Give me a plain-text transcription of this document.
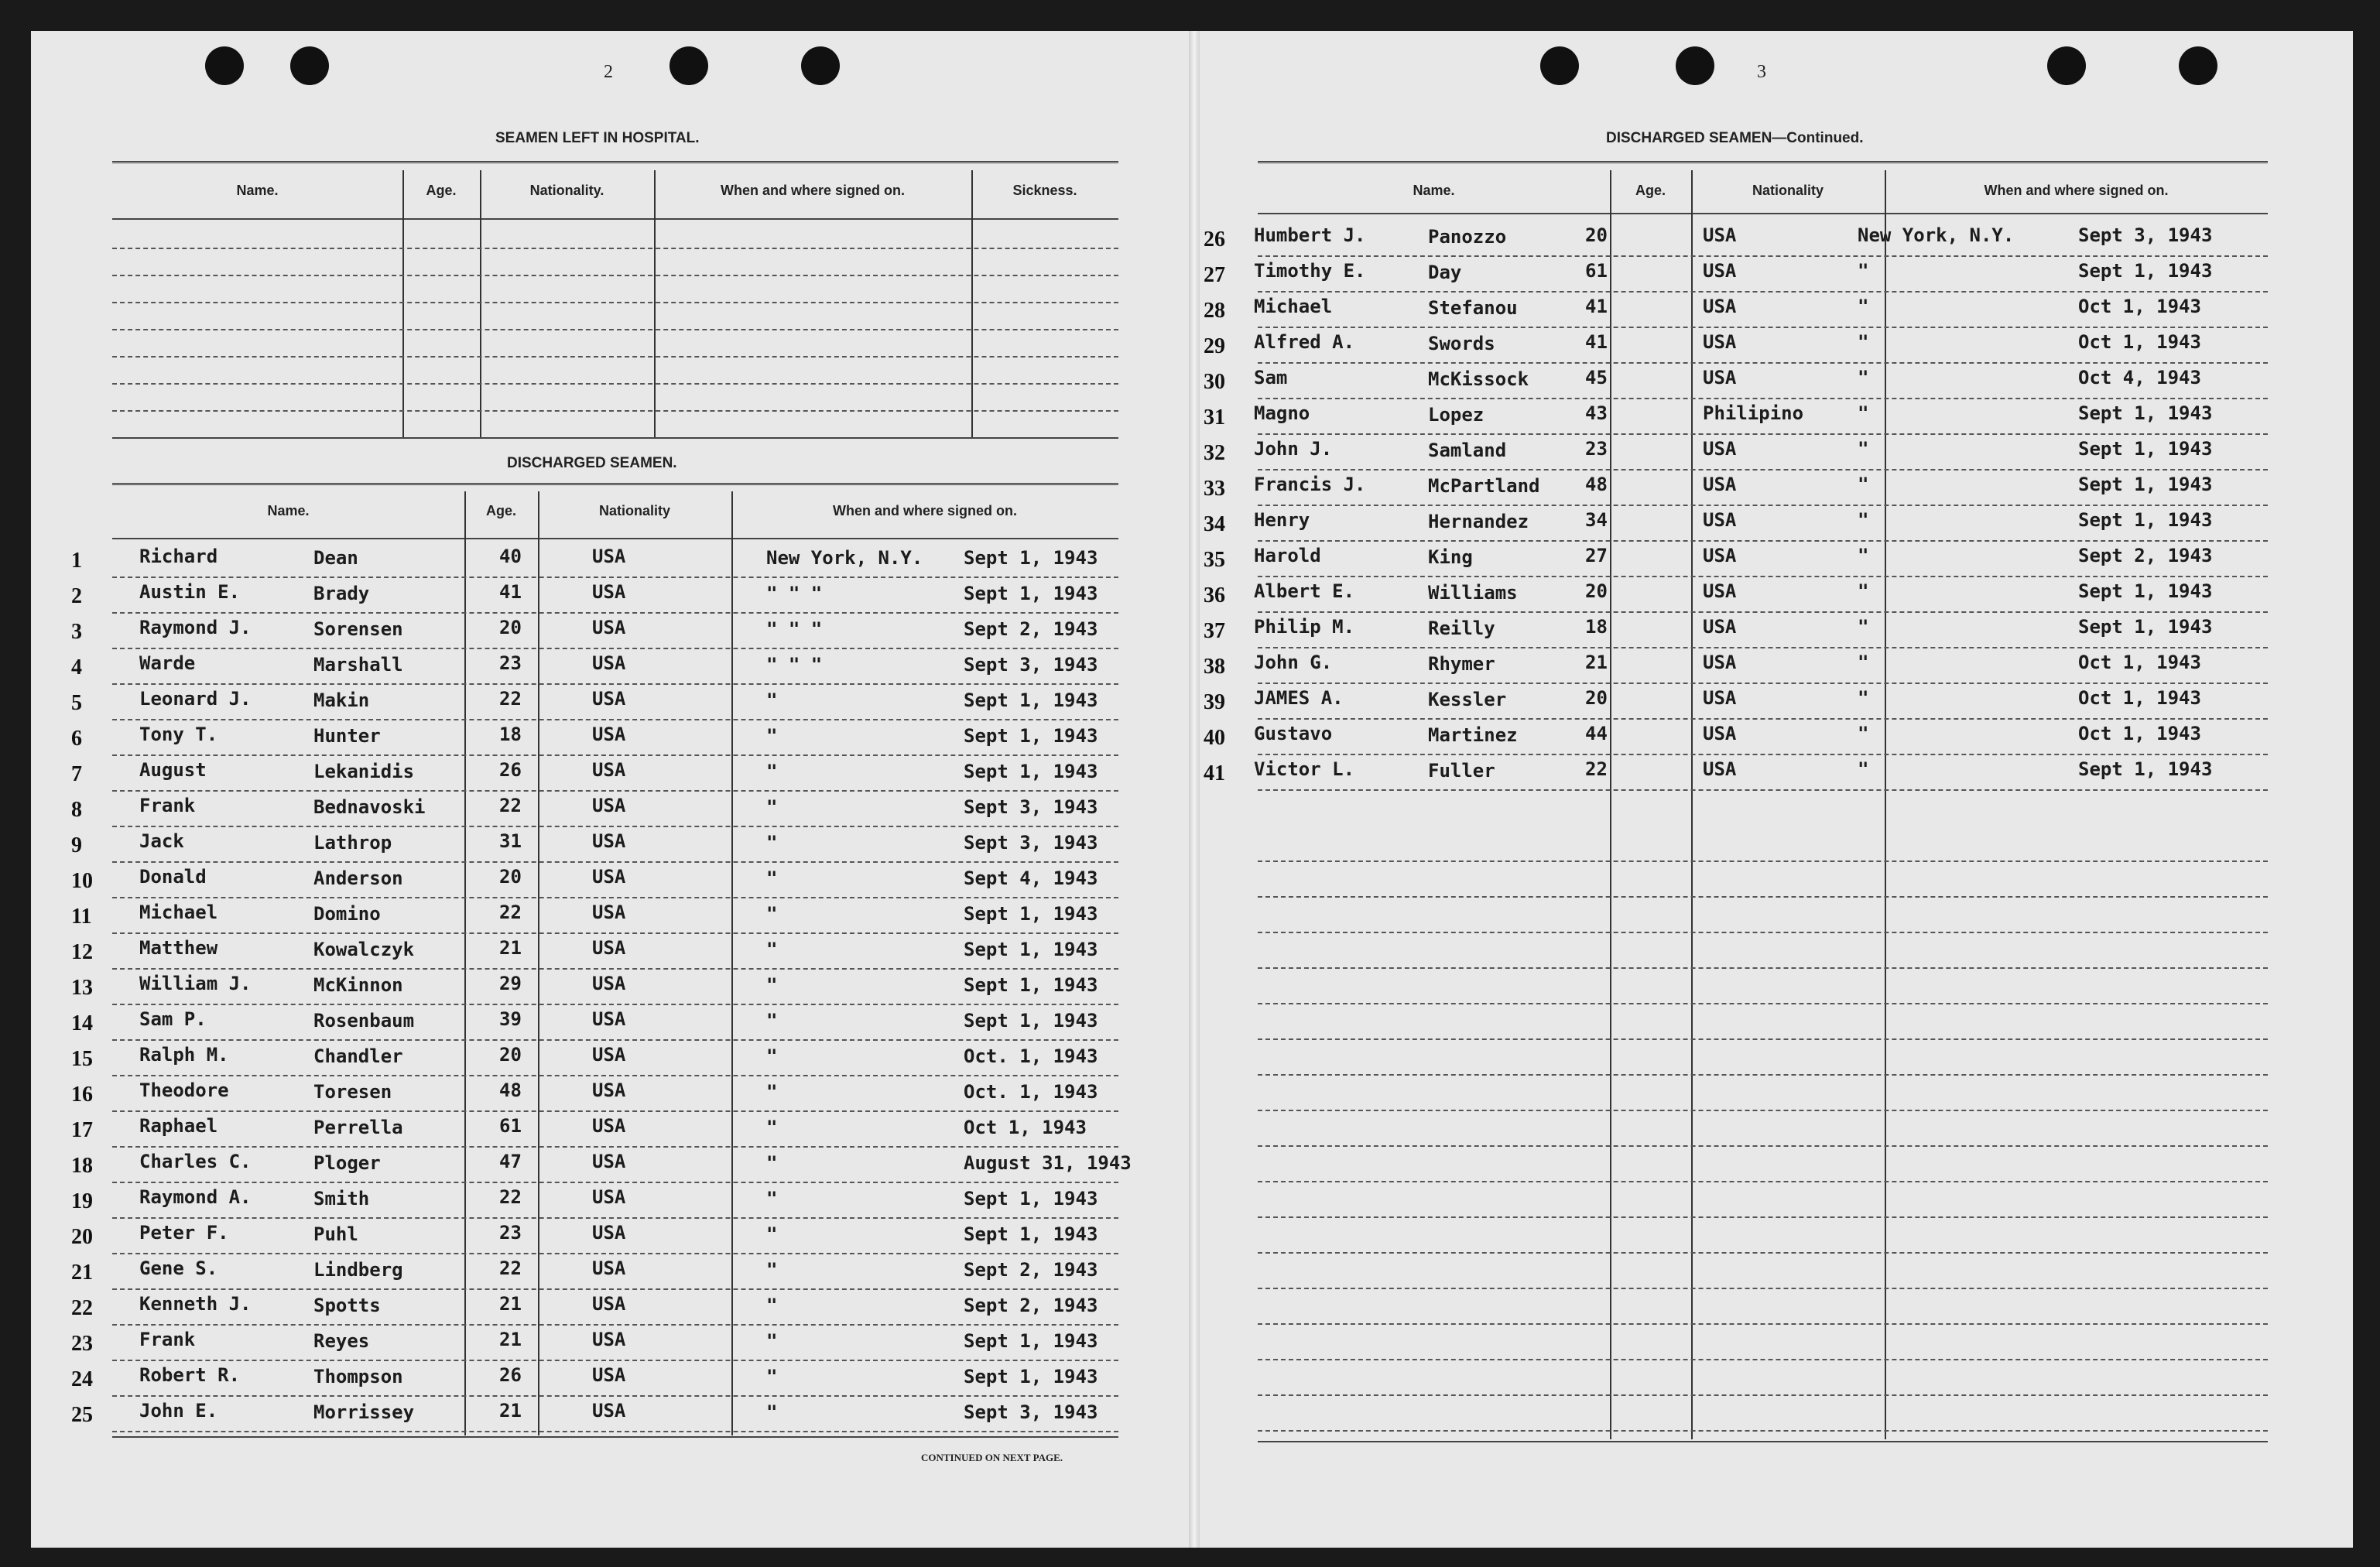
2
SEAMEN LEFT IN HOSPITAL.
Name.	Age.	Nationality.	When and where signed on.	Sickness.
DISCHARGED SEAMEN.
Name.	Age.	Nationality	When and where signed on.
1	Richard	Dean	40	USA	New York, N.Y. Sept 1, 1943
2	Austin E.	Brady	41	USA	" " "	Sept 1, 1943
3	Raymond J.	Sorensen	20	USA	" " "	Sept 2, 1943
4	Warde	Marshall	23	USA	" " "	Sept 3, 1943
5	Leonard J.	Makin	22	USA	"	Sept 1, 1943
6	Tony T.	Hunter	18	USA	"	Sept 1, 1943
7	August	Lekanidis	26	USA	"	Sept 1, 1943
8	Frank	Bednavoski	22	USA	"	Sept 3, 1943
9	Jack	Lathrop	31	USA	"	Sept 3, 1943
10	Donald	Anderson	20	USA	"	Sept 4, 1943
11	Michael	Domino	22	USA	"	Sept 1, 1943
12	Matthew	Kowalczyk	21	USA	"	Sept 1, 1943
13	William J.	McKinnon	29	USA	"	Sept 1, 1943
14	Sam P.	Rosenbaum	39	USA	"	Sept 1, 1943
15	Ralph M.	Chandler	20	USA	"	Oct. 1, 1943
16	Theodore	Toresen	48	USA	"	Oct. 1, 1943
17	Raphael	Perrella	61	USA	"	Oct 1, 1943
18	Charles C.	Ploger	47	USA	"	August 31, 1943
19	Raymond A.	Smith	22	USA	"	Sept 1, 1943
20	Peter F.	Puhl	23	USA	"	Sept 1, 1943
21	Gene S.	Lindberg	22	USA	"	Sept 2, 1943
22	Kenneth J.	Spotts	21	USA	"	Sept 2, 1943
23	Frank	Reyes	21	USA	"	Sept 1, 1943
24	Robert R.	Thompson	26	USA	"	Sept 1, 1943
25	John E.	Morrissey	21	USA	"	Sept 3, 1943
CONTINUED ON NEXT PAGE.
3
DISCHARGED SEAMEN—Continued.
Name.	Age.	Nationality	When and where signed on.
26 Humbert J.	Panozzo	20	USA	New York, N.Y.	Sept 3, 1943
27 Timothy E.	Day	61	USA	"	Sept 1, 1943
28 Michael	Stefanou	41	USA	"	Oct 1, 1943
29 Alfred A.	Swords	41	USA	"	Oct 1, 1943
30 Sam	McKissock	45	USA	"	Oct 4, 1943
31 Magno	Lopez	43	Philipino	"	Sept 1, 1943
32 John J.	Samland	23	USA	"	Sept 1, 1943
33 Francis J.	McPartland 48	USA	"	Sept 1, 1943
34 Henry	Hernandez	34	USA	"	Sept 1, 1943
35 Harold	King	27	USA	"	Sept 2, 1943
36 Albert E.	Williams	20	USA	"	Sept 1, 1943
37 Philip M.	Reilly	18	USA	"	Sept 1, 1943
38 John G.	Rhymer	21	USA	"	Oct 1, 1943
39 JAMES A.	Kessler	20	USA	"	Oct 1, 1943
40 Gustavo	Martinez	44	USA	"	Oct 1, 1943
41 Victor L.	Fuller	22	USA	"	Sept 1, 1943
